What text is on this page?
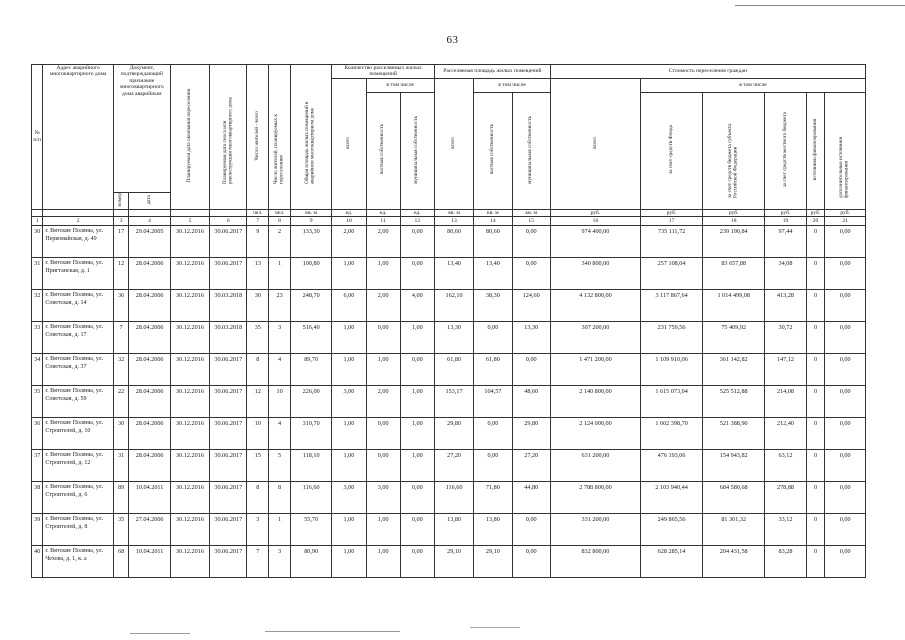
63
№ п/п	Адрес аварийного многоквартирного дома	Документ, подтверждающий признание многоквартирного дома аварийным		Планируемая дата окончания переселения	Планируемая дата сноса или реконструкции многоквартирного дома	Число жителей - всего	Число жителей, планируемых к переселению	Общая площадь жилых помещений в аварийном многоквартирном доме	Количество расселяемых жилых помещений			Расселяемая площадь жилых помещений			Стоимость переселения граждан					
									всего	в том числе		всего	в том числе		всего	в том числе				
										частная собственность	муниципальная собственность		частная собственность	муниципальная собственность		за счет средств Фонда	за счет средств бюджета субъекта Российской Федерации	за счет средств местного бюджета	источники финансирования	дополнительные источники финансирования
		номер	дата																	
						чел.	чел.	кв. м	ед.	ед.	ед.	кв. м	кв. м	кв. м	руб.	руб.	руб.	руб.	руб.	руб.
1	2	3	4	5	6	7	8	9	10	11	12	13	14	15	16	17	18	19	20	21
30	г. Вятские Поляны, ул. Первомайская, д. 49	17	29.04.2005	30.12.2016	30.06.2017	9	2	133,30	2,00	2,00	0,00	80,60	80,60	0,00	974 400,00	735 111,72	239 190,84	97,44	0	0,00
31	г. Вятские Поляны, ул. Пригтанская, д. 1	12	28.04.2006	30.12.2016	30.06.2017	13	1	100,80	1,00	1,00	0,00	13,40	13,40	0,00	340 800,00	257 108,04	83 657,88	34,08	0	0,00
32	г. Вятские Поляны, ул. Советская, д. 14	36	28.04.2006	30.12.2016	30.03.2018	30	23	248,70	6,00	2,00	4,00	162,10	38,30	124,60	4 132 800,00	3 117 867,64	1 014 499,08	413,28	0	0,00
33	г. Вятские Поляны, ул. Советская, д. 17	7	28.04.2006	30.12.2016	30.03.2018	35	3	516,40	1,00	0,00	1,00	13,30	0,00	13,30	307 200,00	231 759,56	75 409,92	30,72	0	0,00
34	г. Вятские Поляны, ул. Советская, д. 37	32	28.04.2006	30.12.2016	30.06.2017	8	4	89,70	1,00	1,00	0,00	61,80	61,80	0,00	1 471 200,00	1 109 910,06	361 142,82	147,12	0	0,00
35	г. Вятские Поляны, ул. Советская, д. 59	22	28.04.2006	30.12.2016	30.06.2017	12	10	226,00	3,00	2,00	1,00	153,17	104,57	48,60	2 140 800,00	1 615 073,04	525 512,88	214,08	0	0,00
36	г. Вятские Поляны, ул. Строителей, д. 10	30	28.04.2006	30.12.2016	30.06.2017	10	4	310,70	1,00	0,00	1,00	29,80	0,00	29,80	2 124 000,00	1 602 398,70	521 388,90	212,40	0	0,00
37	г. Вятские Поляны, ул. Строителей, д. 12	31	28.04.2006	30.12.2016	30.06.2017	15	5	118,10	1,00	0,00	1,00	27,20	0,00	27,20	631 200,00	476 193,06	154 943,82	63,12	0	0,00
38	г. Вятские Поляны, ул. Строителей, д. 6	89	10.04.2011	30.12.2016	30.06.2017	8	8	116,60	3,00	3,00	0,00	116,60	71,80	44,80	2 788 800,00	2 103 940,44	684 580,68	278,88	0	0,00
39	г. Вятские Поляны, ул. Строителей, д. 8	35	27.04.2006	30.12.2016	30.06.2017	3	1	55,70	1,00	1,00	0,00	13,80	13,80	0,00	331 200,00	249 865,56	81 301,32	33,12	0	0,00
40	г. Вятские Поляны, ул. Чехова, д. 1, к. а	68	10.04.2011	30.12.2016	30.06.2017	7	3	80,90	1,00	1,00	0,00	29,10	29,10	0,00	832 800,00	628 285,14	204 431,58	83,28	0	0,00
